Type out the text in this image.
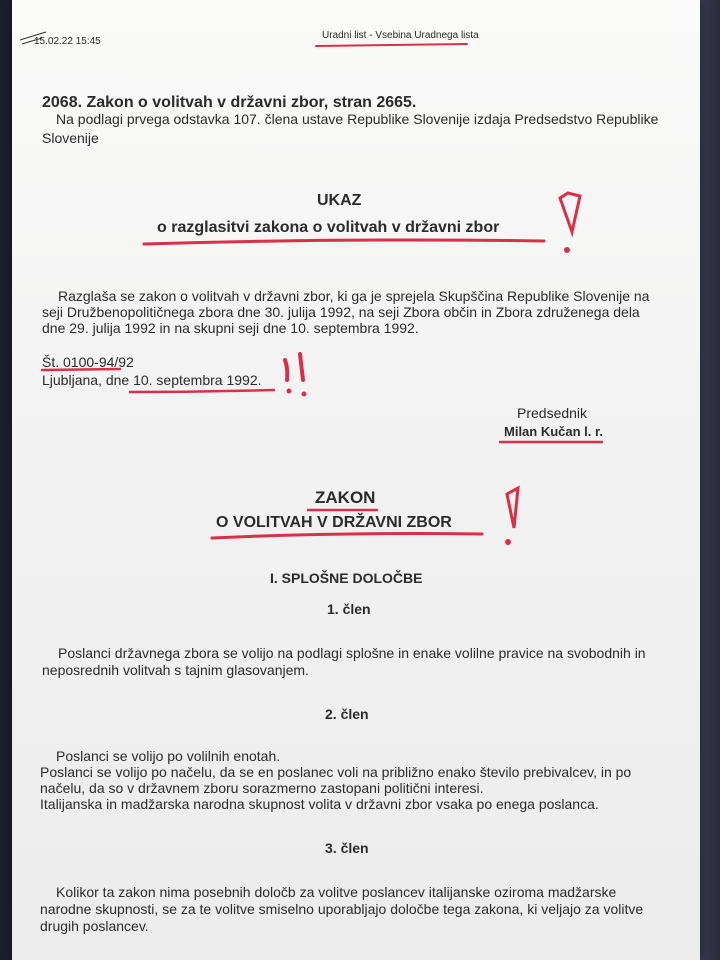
15.02.22 15:45
Uradni list - Vsebina Uradnega lista
2068. Zakon o volitvah v državni zbor, stran 2665.
Na podlagi prvega odstavka 107. člena ustave Republike Slovenije izdaja Predsedstvo Republike
Slovenije
UKAZ
o razglasitvi zakona o volitvah v državni zbor
Razglaša se zakon o volitvah v državni zbor, ki ga je sprejela Skupščina Republike Slovenije na
seji Družbenopolitičnega zbora dne 30. julija 1992, na seji Zbora občin in Zbora združenega dela
dne 29. julija 1992 in na skupni seji dne 10. septembra 1992.
Št. 0100-94/92
Ljubljana, dne 10. septembra 1992.
Predsednik
Milan Kučan l. r.
ZAKON
O VOLITVAH V DRŽAVNI ZBOR
I. SPLOŠNE DOLOČBE
1. člen
Poslanci državnega zbora se volijo na podlagi splošne in enake volilne pravice na svobodnih in
neposrednih volitvah s tajnim glasovanjem.
2. člen
Poslanci se volijo po volilnih enotah.
Poslanci se volijo po načelu, da se en poslanec voli na približno enako število prebivalcev, in po
načelu, da so v državnem zboru sorazmerno zastopani politični interesi.
Italijanska in madžarska narodna skupnost volita v državni zbor vsaka po enega poslanca.
3. člen
Kolikor ta zakon nima posebnih določb za volitve poslancev italijanske oziroma madžarske
narodne skupnosti, se za te volitve smiselno uporabljajo določbe tega zakona, ki veljajo za volitve
drugih poslancev.
